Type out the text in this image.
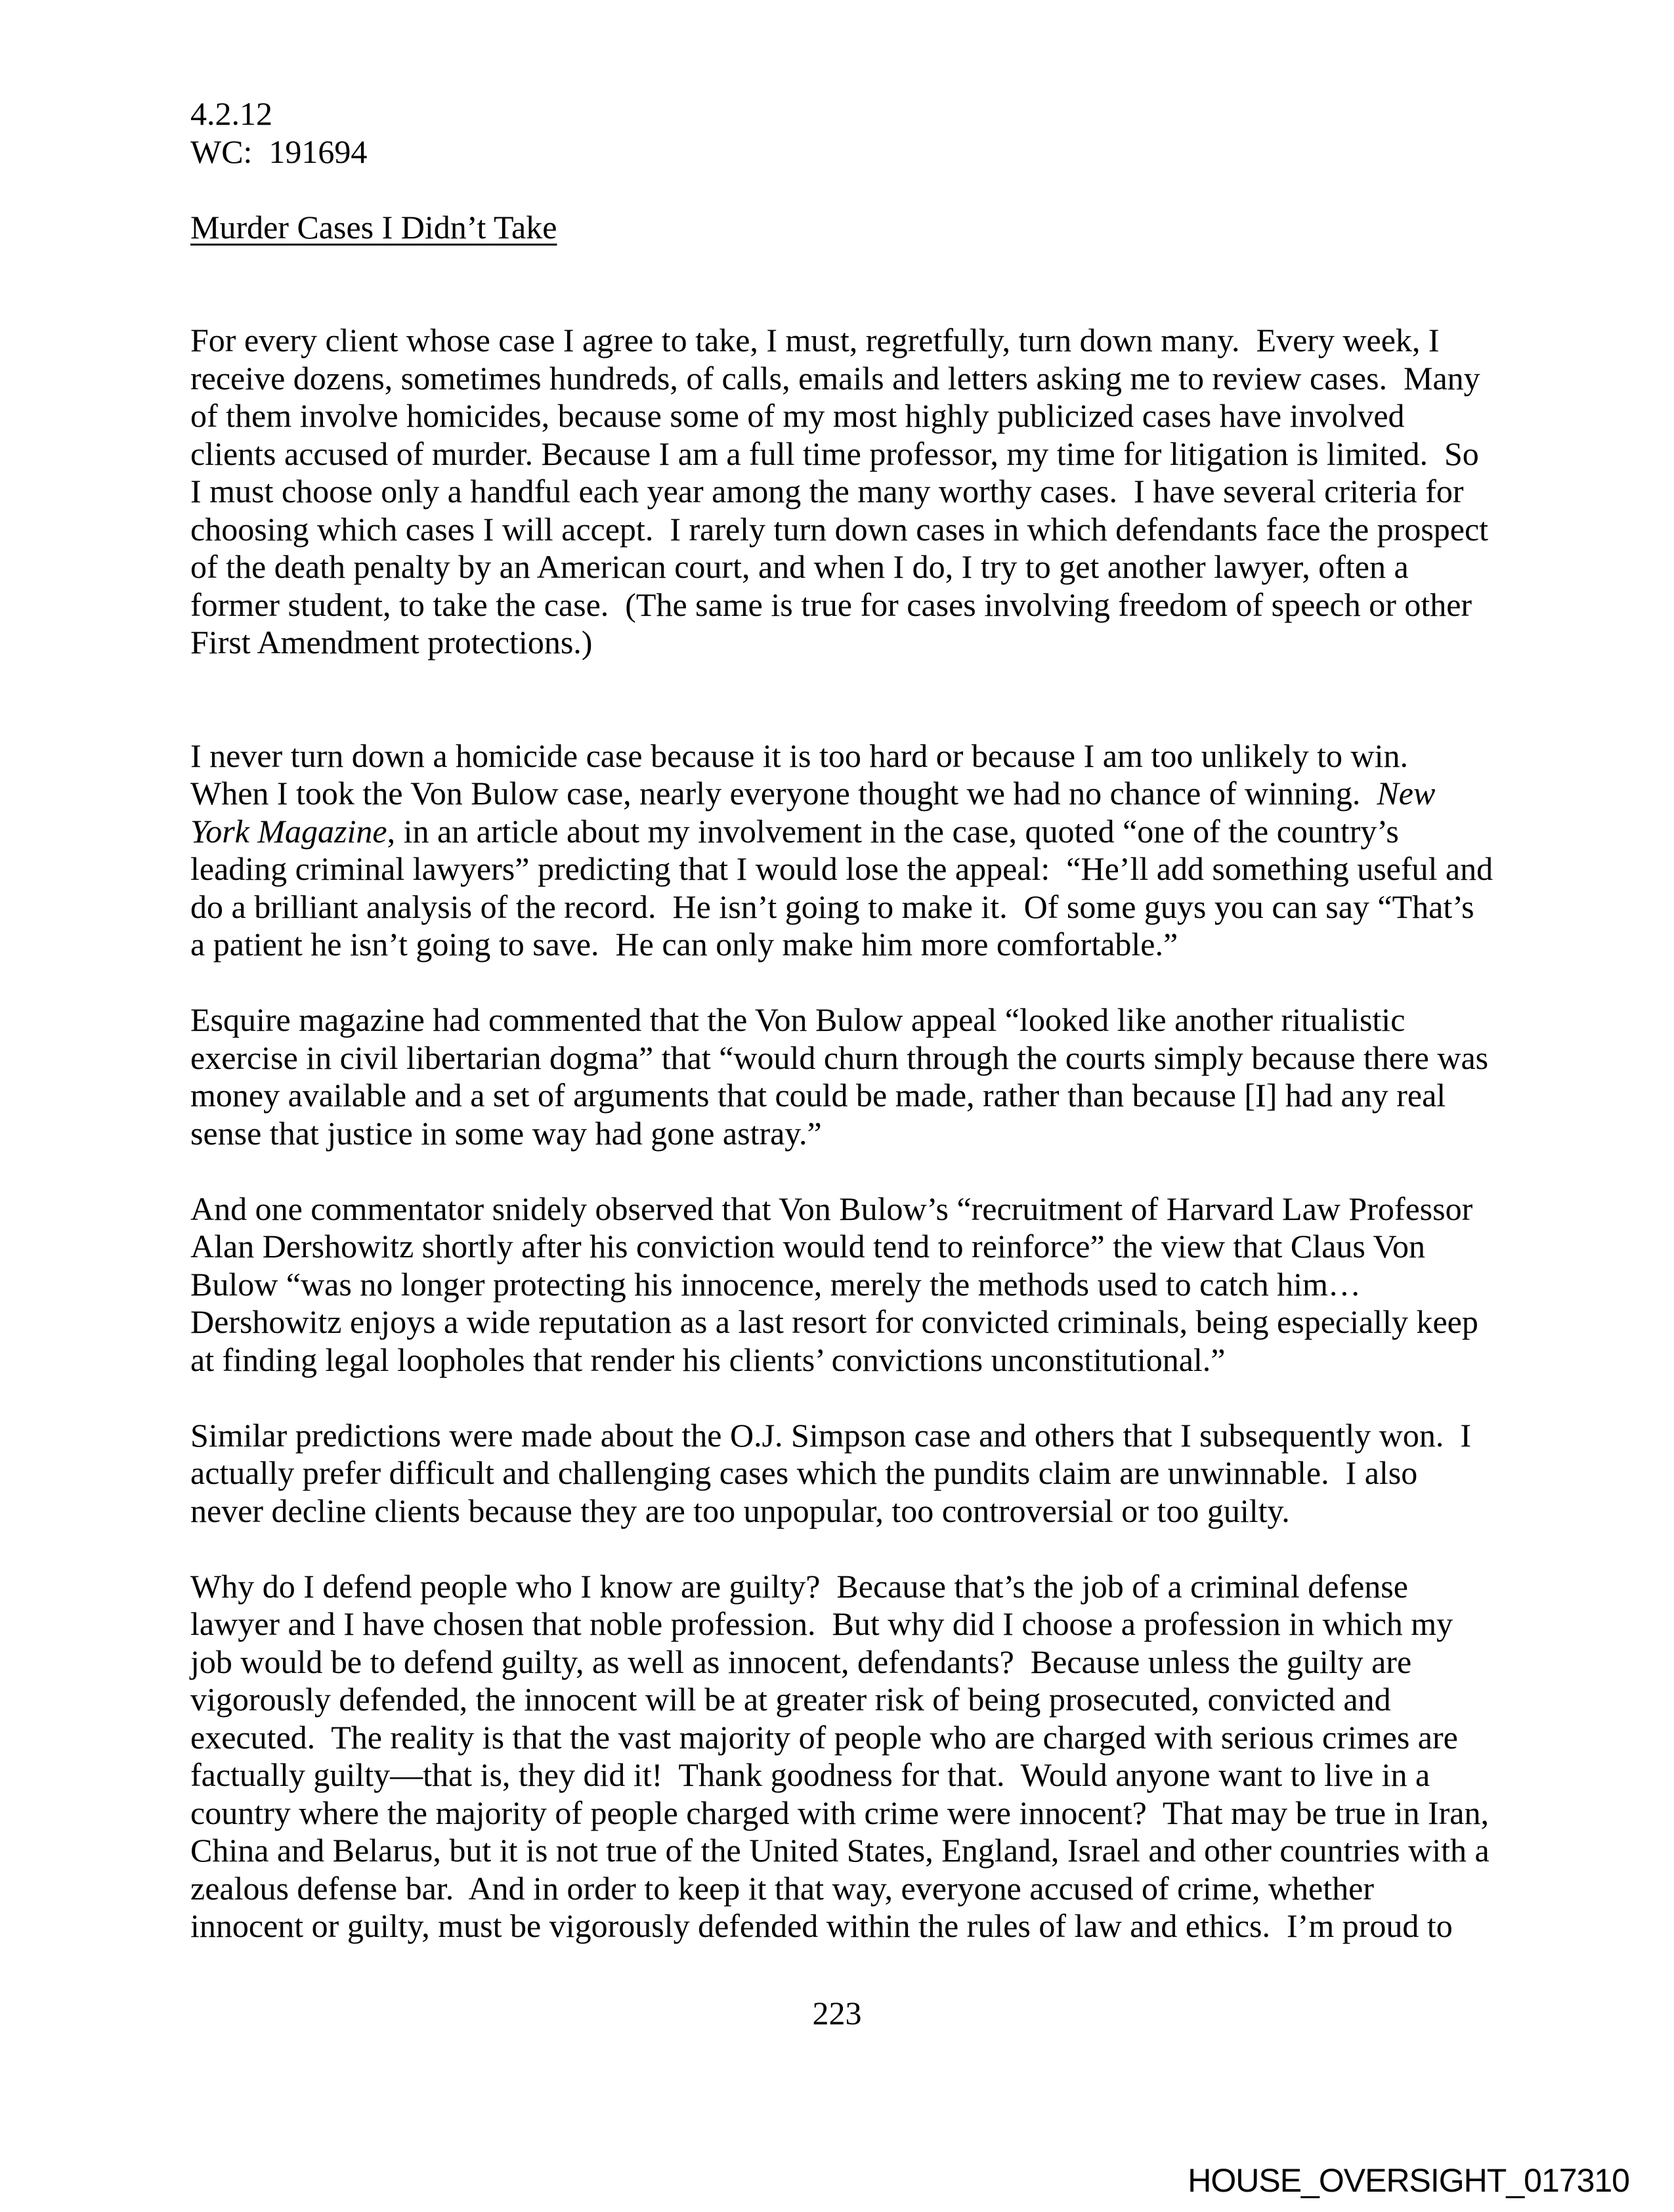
4.2.12
WC:  191694
Murder Cases I Didn’t Take
For every client whose case I agree to take, I must, regretfully, turn down many.  Every week, I receive dozens, sometimes hundreds, of calls, emails and letters asking me to review cases.  Many of them involve homicides, because some of my most highly publicized cases have involved clients accused of murder. Because I am a full time professor, my time for litigation is limited.  So I must choose only a handful each year among the many worthy cases.  I have several criteria for choosing which cases I will accept.  I rarely turn down cases in which defendants face the prospect of the death penalty by an American court, and when I do, I try to get another lawyer, often a former student, to take the case.  (The same is true for cases involving freedom of speech or other First Amendment protections.)
I never turn down a homicide case because it is too hard or because I am too unlikely to win.  When I took the Von Bulow case, nearly everyone thought we had no chance of winning.  New York Magazine, in an article about my involvement in the case, quoted “one of the country’s leading criminal lawyers” predicting that I would lose the appeal:  “He’ll add something useful and do a brilliant analysis of the record.  He isn’t going to make it.  Of some guys you can say “That’s a patient he isn’t going to save.  He can only make him more comfortable.”
Esquire magazine had commented that the Von Bulow appeal “looked like another ritualistic exercise in civil libertarian dogma” that “would churn through the courts simply because there was money available and a set of arguments that could be made, rather than because [I] had any real sense that justice in some way had gone astray.”
And one commentator snidely observed that Von Bulow’s “recruitment of Harvard Law Professor Alan Dershowitz shortly after his conviction would tend to reinforce” the view that Claus Von Bulow “was no longer protecting his innocence, merely the methods used to catch him…Dershowitz enjoys a wide reputation as a last resort for convicted criminals, being especially keep at finding legal loopholes that render his clients’ convictions unconstitutional.”
Similar predictions were made about the O.J. Simpson case and others that I subsequently won.  I actually prefer difficult and challenging cases which the pundits claim are unwinnable.  I also never decline clients because they are too unpopular, too controversial or too guilty.
Why do I defend people who I know are guilty?  Because that’s the job of a criminal defense lawyer and I have chosen that noble profession.  But why did I choose a profession in which my job would be to defend guilty, as well as innocent, defendants?  Because unless the guilty are vigorously defended, the innocent will be at greater risk of being prosecuted, convicted and executed.  The reality is that the vast majority of people who are charged with serious crimes are factually guilty—that is, they did it!  Thank goodness for that.  Would anyone want to live in a country where the majority of people charged with crime were innocent?  That may be true in Iran, China and Belarus, but it is not true of the United States, England, Israel and other countries with a zealous defense bar.  And in order to keep it that way, everyone accused of crime, whether innocent or guilty, must be vigorously defended within the rules of law and ethics.  I’m proud to
223
HOUSE_OVERSIGHT_017310
